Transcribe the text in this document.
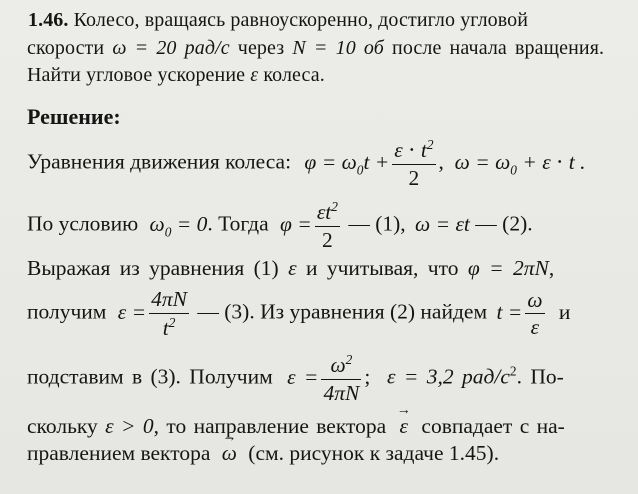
1.46. Колесо, вращаясь равноускоренно, достигло угловой
скорости ω = 20 рад/с через N = 10 об после начала вращения.
Найти угловое ускорение ε колеса.
Решение:
Уравнения движения колеса: $\varphi = \omega_0t + \frac{\varepsilon \cdot t^2}{2}$ ,  $\omega = \omega_0 + \varepsilon \cdot t$ .
По условию $\omega_0 = 0$. Тогда $\varphi = \frac{\varepsilon t^2}{2}$ — (1), ω = εt — (2).
Выражая из уравнения (1) ε и учитывая, что φ = 2πN,
получим $\varepsilon = \frac{4\pi N}{t^2}$ — (3). Из уравнения (2) найдем $t = \frac{\omega}{\varepsilon}$ и
подставим в (3). Получим $\varepsilon = \frac{\omega^2}{4\pi N}$ ;  ε = 3,2 рад/$с^2$. По-
скольку ε > 0, то направление вектора → ε совпадает с на-
правлением вектора → ω (см. рисунок к задаче 1.45).
